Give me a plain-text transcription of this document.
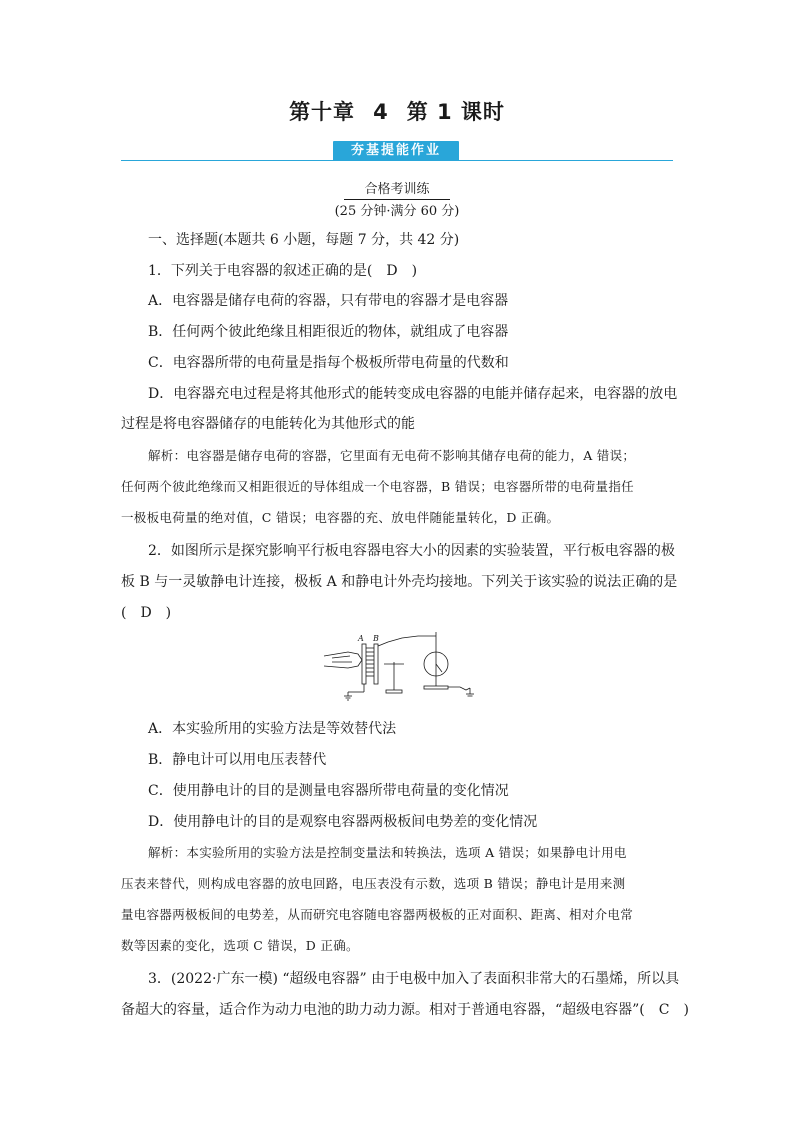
第十章 4 第 1 课时
夯基提能作业
合格考训练
(25 分钟·满分 60 分)
一、选择题(本题共 6 小题，每题 7 分，共 42 分)
1．下列关于电容器的叙述正确的是(　D　)
A．电容器是储存电荷的容器，只有带电的容器才是电容器
B．任何两个彼此绝缘且相距很近的物体，就组成了电容器
C．电容器所带的电荷量是指每个极板所带电荷量的代数和
D．电容器充电过程是将其他形式的能转变成电容器的电能并储存起来，电容器的放电
过程是将电容器储存的电能转化为其他形式的能
解析：电容器是储存电荷的容器，它里面有无电荷不影响其储存电荷的能力，A 错误；
任何两个彼此绝缘而又相距很近的导体组成一个电容器，B 错误；电容器所带的电荷量指任
一极板电荷量的绝对值，C 错误；电容器的充、放电伴随能量转化，D 正确。
2．如图所示是探究影响平行板电容器电容大小的因素的实验装置，平行板电容器的极
板 B 与一灵敏静电计连接，极板 A 和静电计外壳均接地。下列关于该实验的说法正确的是
(　D　)
A B
A．本实验所用的实验方法是等效替代法
B．静电计可以用电压表替代
C．使用静电计的目的是测量电容器所带电荷量的变化情况
D．使用静电计的目的是观察电容器两极板间电势差的变化情况
解析：本实验所用的实验方法是控制变量法和转换法，选项 A 错误；如果静电计用电
压表来替代，则构成电容器的放电回路，电压表没有示数，选项 B 错误；静电计是用来测
量电容器两极板间的电势差，从而研究电容随电容器两极板的正对面积、距离、相对介电常
数等因素的变化，选项 C 错误，D 正确。
3．(2022·广东一模) “超级电容器” 由于电极中加入了表面积非常大的石墨烯，所以具
备超大的容量，适合作为动力电池的助力动力源。相对于普通电容器，“超级电容器”(　C　)
